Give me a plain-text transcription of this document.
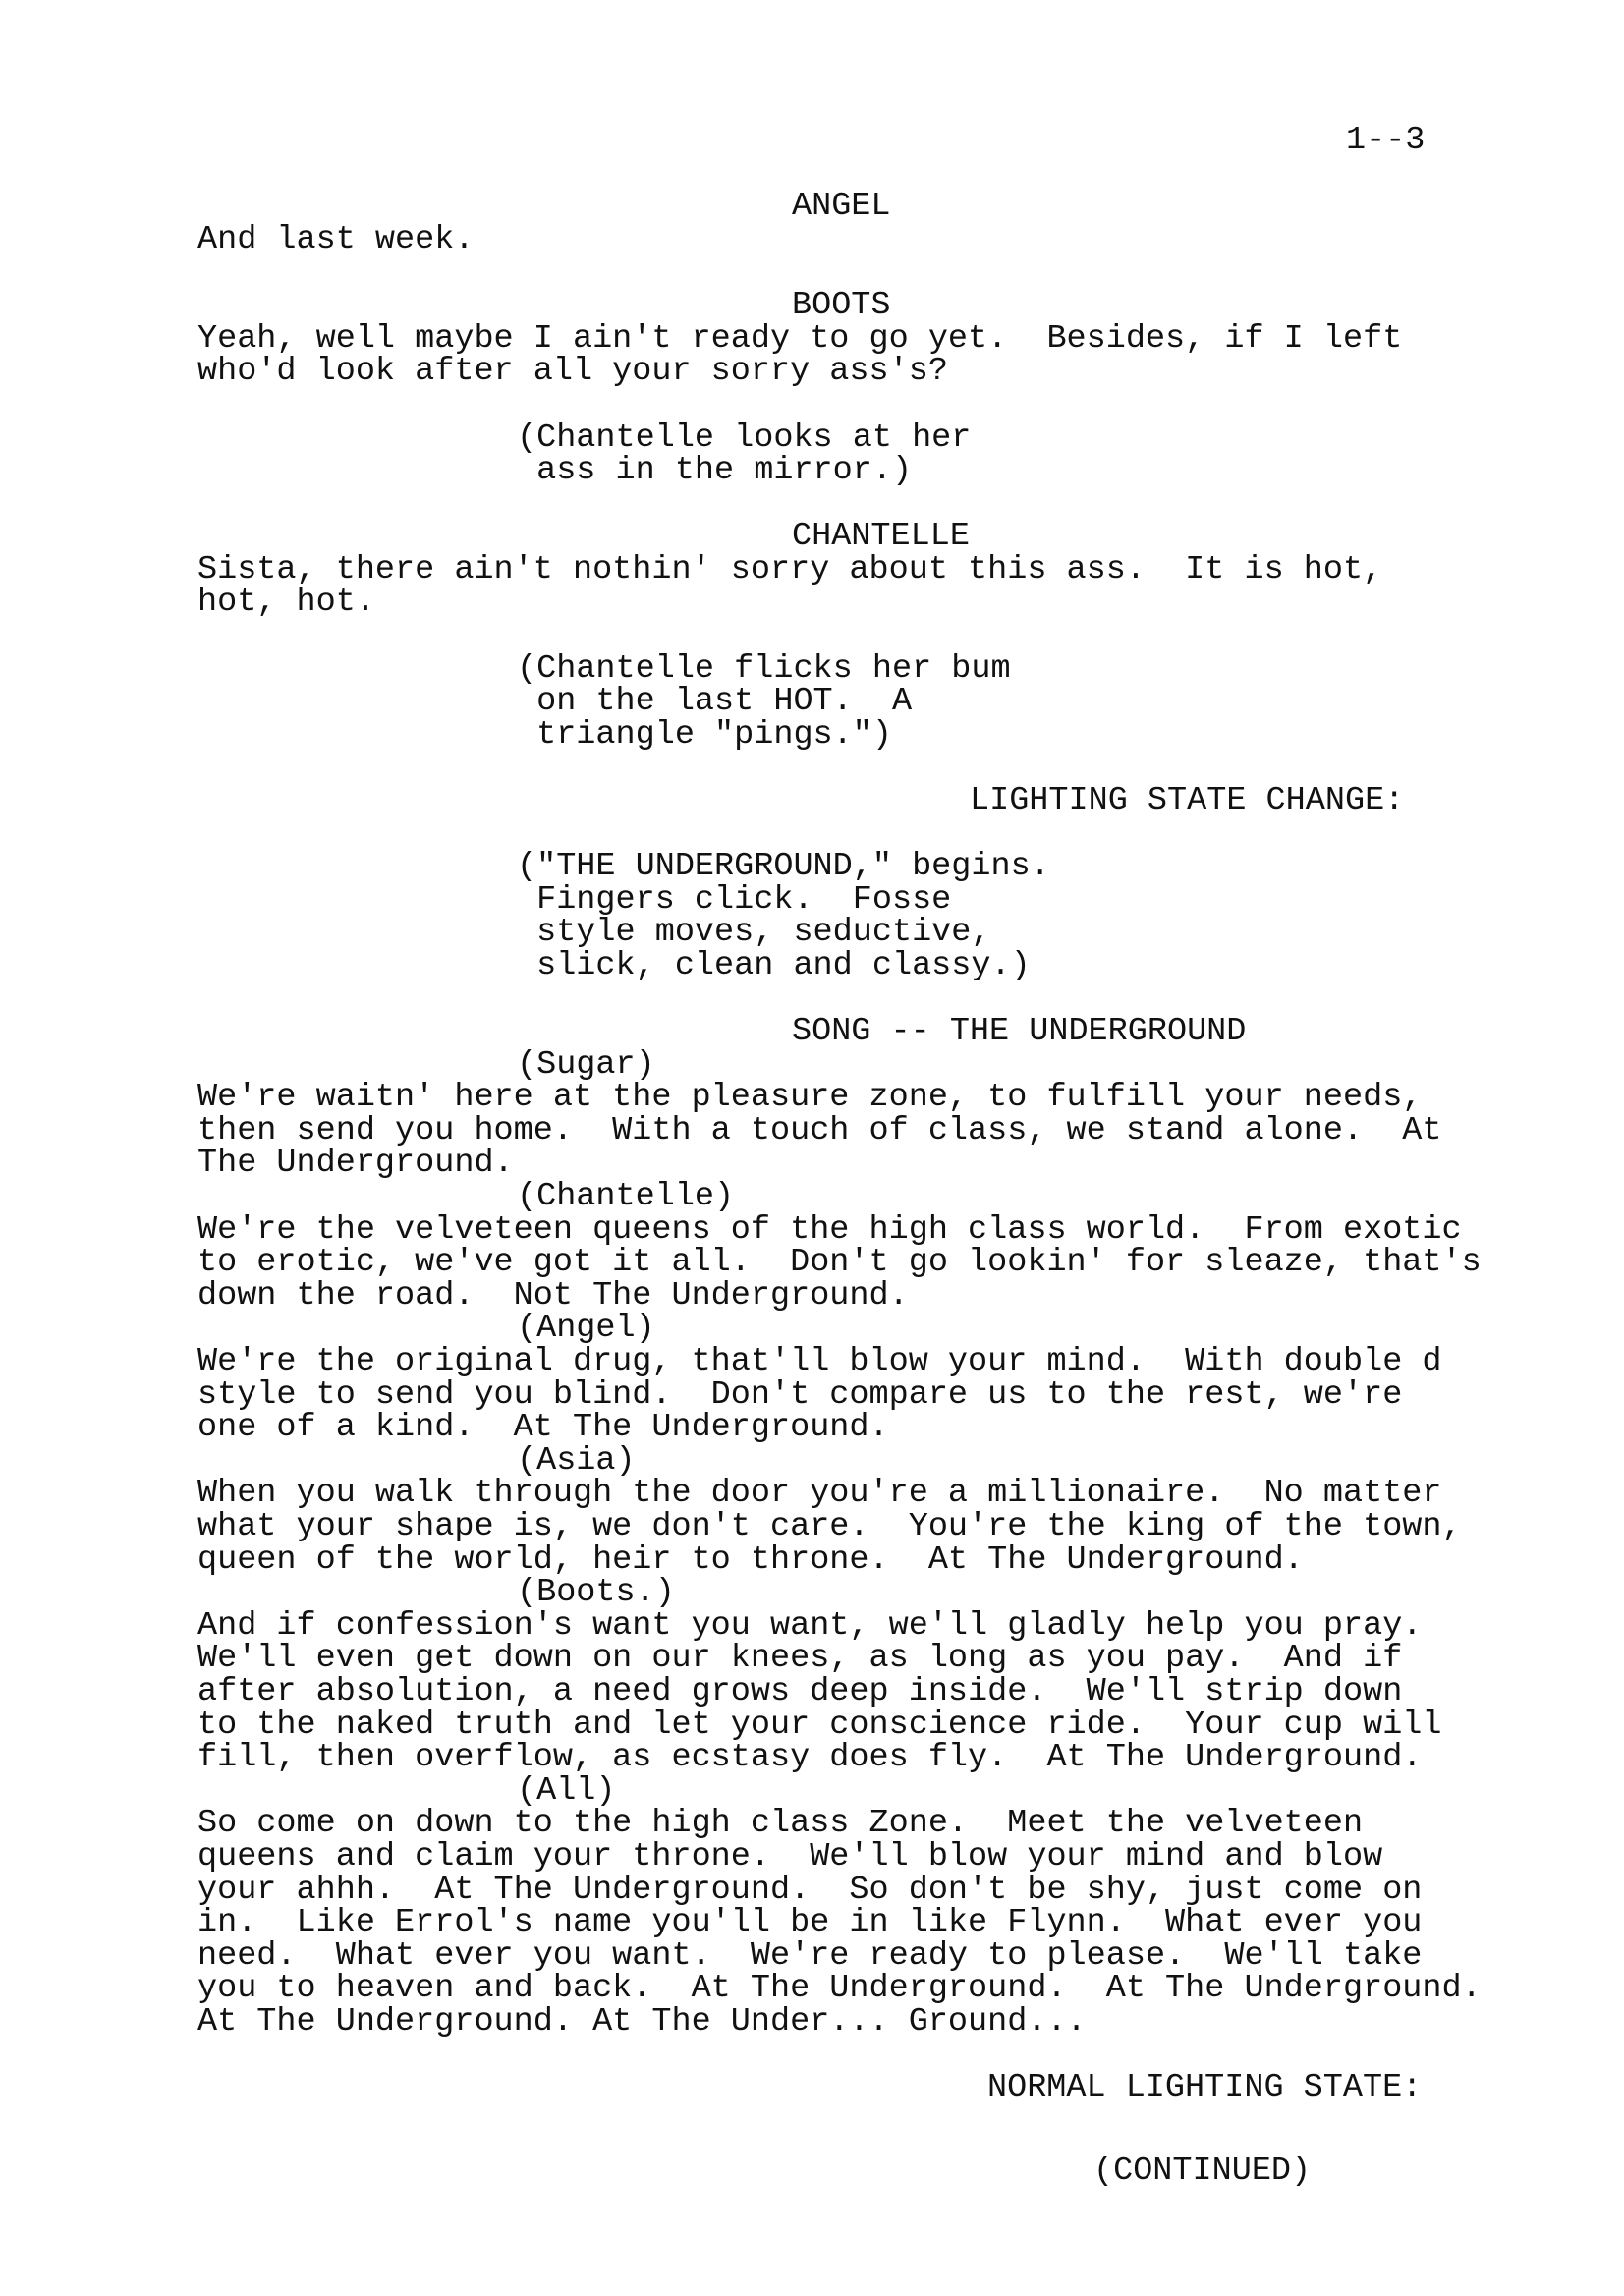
1--3

ANGEL

And last week.

BOOTS

Yeah, well maybe I ain't ready to go yet.  Besides, if I left

who'd look after all your sorry ass's?

(Chantelle looks at her

ass in the mirror.)

CHANTELLE

Sista, there ain't nothin' sorry about this ass.  It is hot,

hot, hot.

(Chantelle flicks her bum

on the last HOT.  A

triangle "pings.")

LIGHTING STATE CHANGE:

("THE UNDERGROUND," begins.

Fingers click.  Fosse

style moves, seductive,

slick, clean and classy.)

SONG -- THE UNDERGROUND

(Sugar)

We're waitn' here at the pleasure zone, to fulfill your needs,

then send you home.  With a touch of class, we stand alone.  At

The Underground.

(Chantelle)

We're the velveteen queens of the high class world.  From exotic

to erotic, we've got it all.  Don't go lookin' for sleaze, that's

down the road.  Not The Underground.

(Angel)

We're the original drug, that'll blow your mind.  With double d

style to send you blind.  Don't compare us to the rest, we're

one of a kind.  At The Underground.

(Asia)

When you walk through the door you're a millionaire.  No matter

what your shape is, we don't care.  You're the king of the town,

queen of the world, heir to throne.  At The Underground.

(Boots.)

And if confession's want you want, we'll gladly help you pray.

We'll even get down on our knees, as long as you pay.  And if

after absolution, a need grows deep inside.  We'll strip down

to the naked truth and let your conscience ride.  Your cup will

fill, then overflow, as ecstasy does fly.  At The Underground.

(All)

So come on down to the high class Zone.  Meet the velveteen

queens and claim your throne.  We'll blow your mind and blow

your ahhh.  At The Underground.  So don't be shy, just come on

in.  Like Errol's name you'll be in like Flynn.  What ever you

need.  What ever you want.  We're ready to please.  We'll take

you to heaven and back.  At The Underground.  At The Underground.

At The Underground. At The Under... Ground...

NORMAL LIGHTING STATE:

(CONTINUED)
